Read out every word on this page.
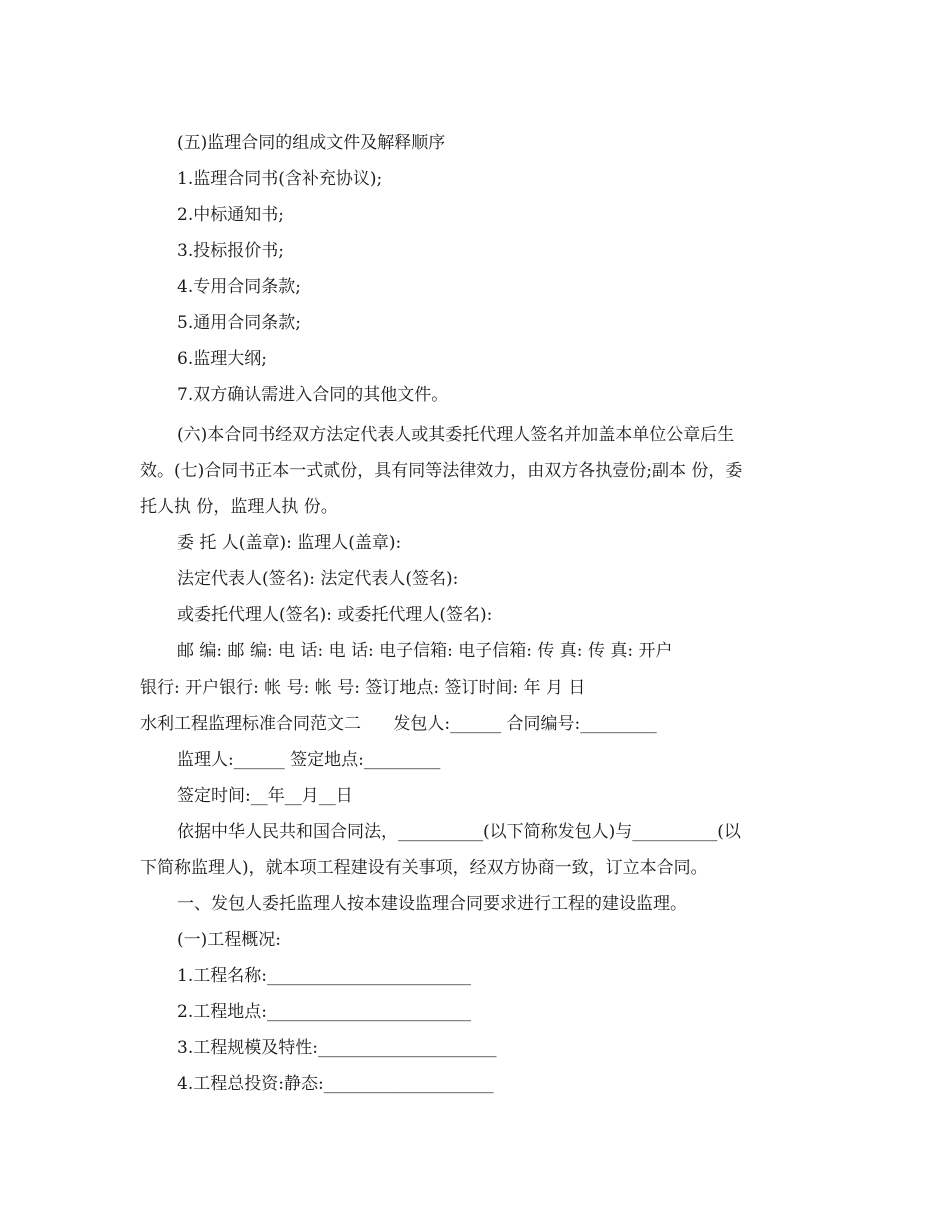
(五)监理合同的组成文件及解释顺序
1.监理合同书(含补充协议);
2.中标通知书;
3.投标报价书;
4.专用合同条款;
5.通用合同条款;
6.监理大纲;
7.双方确认需进入合同的其他文件。
(六)本合同书经双方法定代表人或其委托代理人签名并加盖本单位公章后生
效。(七)合同书正本一式贰份，具有同等法律效力，由双方各执壹份;副本 份，委
托人执 份，监理人执 份。
委 托 人(盖章): 监理人(盖章):
法定代表人(签名): 法定代表人(签名):
或委托代理人(签名): 或委托代理人(签名):
邮 编: 邮 编: 电 话: 电 话: 电子信箱: 电子信箱: 传 真: 传 真: 开户
银行: 开户银行: 帐 号: 帐 号: 签订地点: 签订时间: 年 月 日
水利工程监理标准合同范文二      发包人:______ 合同编号:_________
监理人:______ 签定地点:_________
签定时间:__年__月__日
依据中华人民共和国合同法，__________(以下简称发包人)与__________(以
下简称监理人)，就本项工程建设有关事项，经双方协商一致，订立本合同。
一、发包人委托监理人按本建设监理合同要求进行工程的建设监理。
(一)工程概况:
1.工程名称:________________________
2.工程地点:________________________
3.工程规模及特性:_____________________
4.工程总投资:静态:____________________
